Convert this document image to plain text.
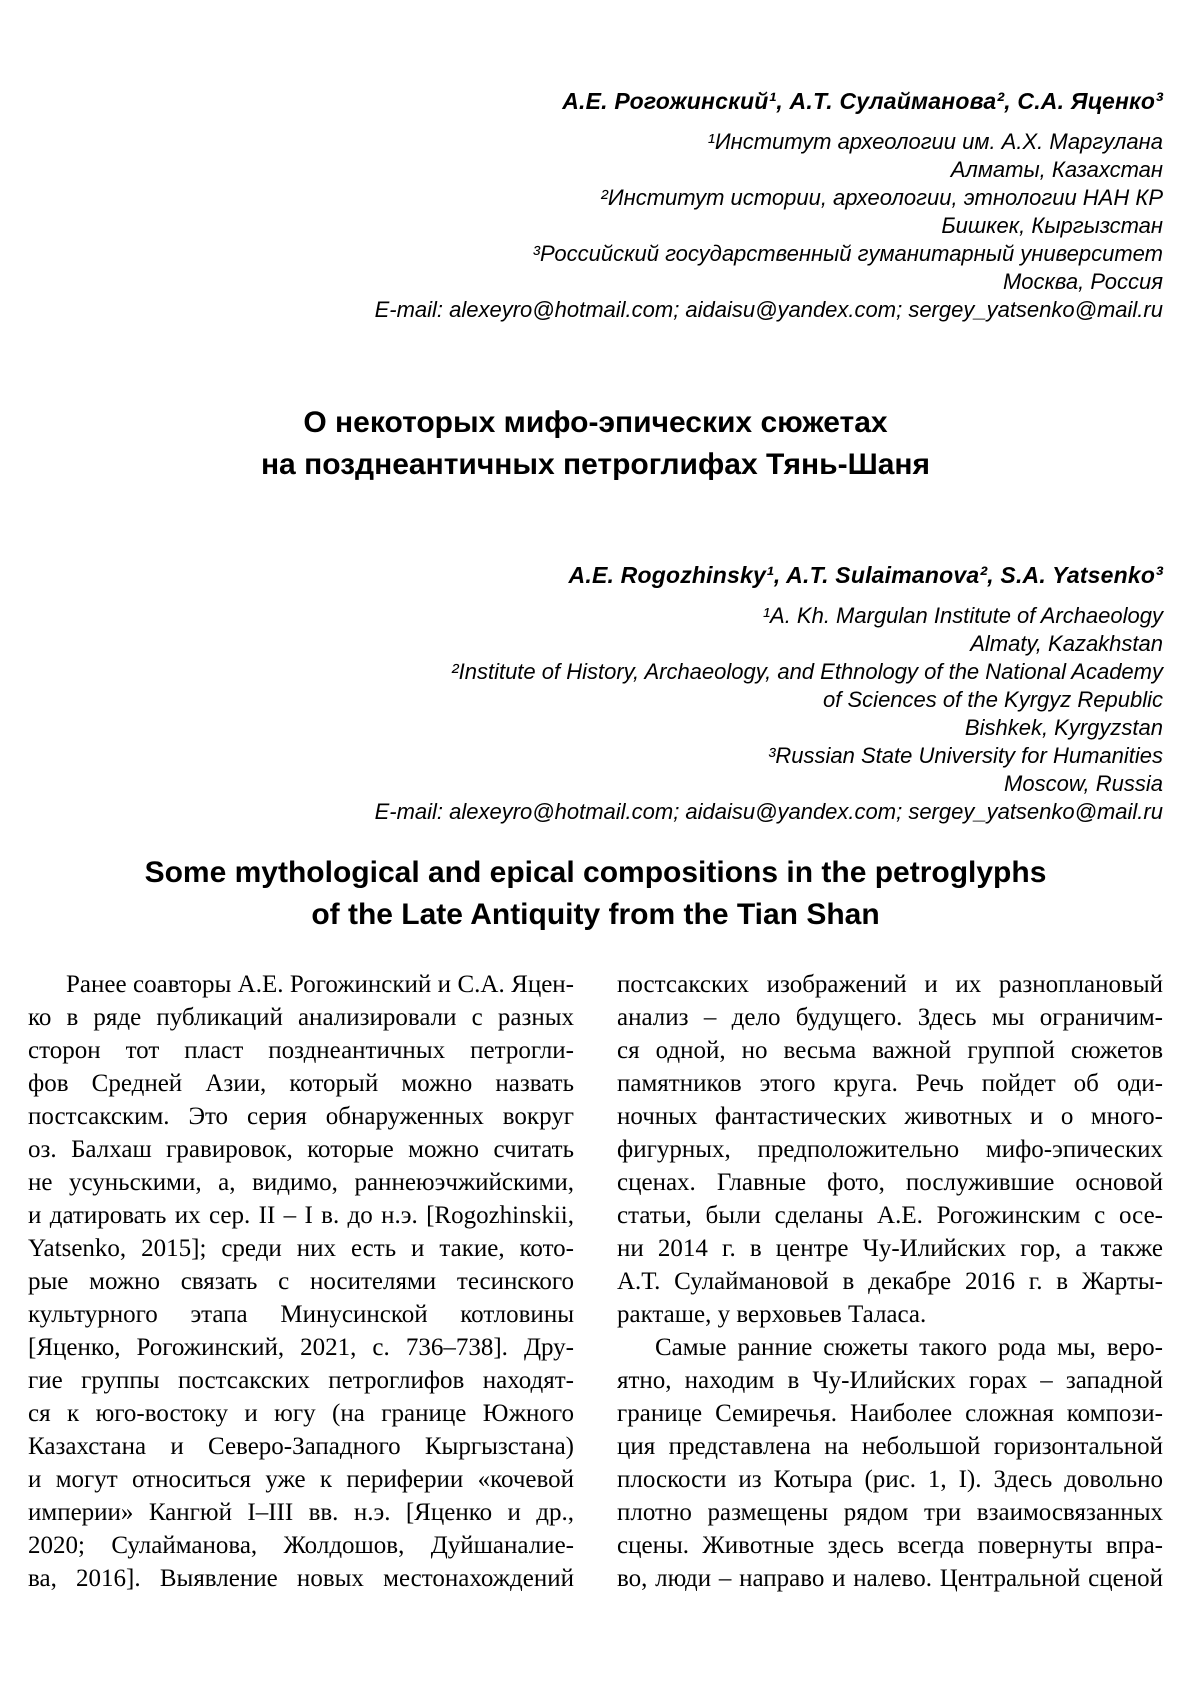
А.Е. Рогожинский¹, А.Т. Сулайманова², С.А. Яценко³
¹Институт археологии им. А.Х. Маргулана
Алматы, Казахстан
²Институт истории, археологии, этнологии НАН КР
Бишкек, Кыргызстан
³Российский государственный гуманитарный университет
Москва, Россия
E-mail: alexeyro@hotmail.com; aidaisu@yandex.com; sergey_yatsenko@mail.ru
О некоторых мифо-эпических сюжетах
на позднеантичных петроглифах Тянь-Шаня
A.E. Rogozhinsky¹, A.T. Sulaimanova², S.A. Yatsenko³
¹A. Kh. Margulan Institute of Archaeology
Almaty, Kazakhstan
²Institute of History, Archaeology, and Ethnology of the National Academy
of Sciences of the Kyrgyz Republic
Bishkek, Kyrgyzstan
³Russian State University for Humanities
Moscow, Russia
E-mail: alexeyro@hotmail.com; aidaisu@yandex.com; sergey_yatsenko@mail.ru
Some mythological and epical compositions in the petroglyphs
of the Late Antiquity from the Tian Shan
Ранее соавторы А.Е. Рогожинский и С.А. Яцен-
ко в ряде публикаций анализировали с разных
сторон тот пласт позднеантичных петрогли-
фов Средней Азии, который можно назвать
постсакским. Это серия обнаруженных вокруг
оз. Балхаш гравировок, которые можно считать
не усуньскими, а, видимо, раннеюэчжийскими,
и датировать их сер. II – I в. до н.э. [Rogozhinskii,
Yatsenko, 2015]; среди них есть и такие, кото-
рые можно связать с носителями тесинского
культурного этапа Минусинской котловины
[Яценко, Рогожинский, 2021, с. 736–738]. Дру-
гие группы постсакских петроглифов находят-
ся к юго-востоку и югу (на границе Южного
Казахстана и Северо-Западного Кыргызстана)
и могут относиться уже к периферии «кочевой
империи» Кангюй I–III вв. н.э. [Яценко и др.,
2020; Сулайманова, Жолдошов, Дуйшаналие-
ва, 2016]. Выявление новых местонахождений
постсакских изображений и их разноплановый
анализ – дело будущего. Здесь мы ограничим-
ся одной, но весьма важной группой сюжетов
памятников этого круга. Речь пойдет об оди-
ночных фантастических животных и о много-
фигурных, предположительно мифо-эпических
сценах. Главные фото, послужившие основой
статьи, были сделаны А.Е. Рогожинским с осе-
ни 2014 г. в центре Чу-Илийских гор, а также
А.Т. Сулаймановой в декабре 2016 г. в Жарты-
ракташе, у верховьев Таласа.
Самые ранние сюжеты такого рода мы, веро-
ятно, находим в Чу-Илийских горах – западной
границе Семиречья. Наиболее сложная компози-
ция представлена на небольшой горизонтальной
плоскости из Котыра (рис. 1, I). Здесь довольно
плотно размещены рядом три взаимосвязанных
сцены. Животные здесь всегда повернуты впра-
во, люди – направо и налево. Центральной сценой
